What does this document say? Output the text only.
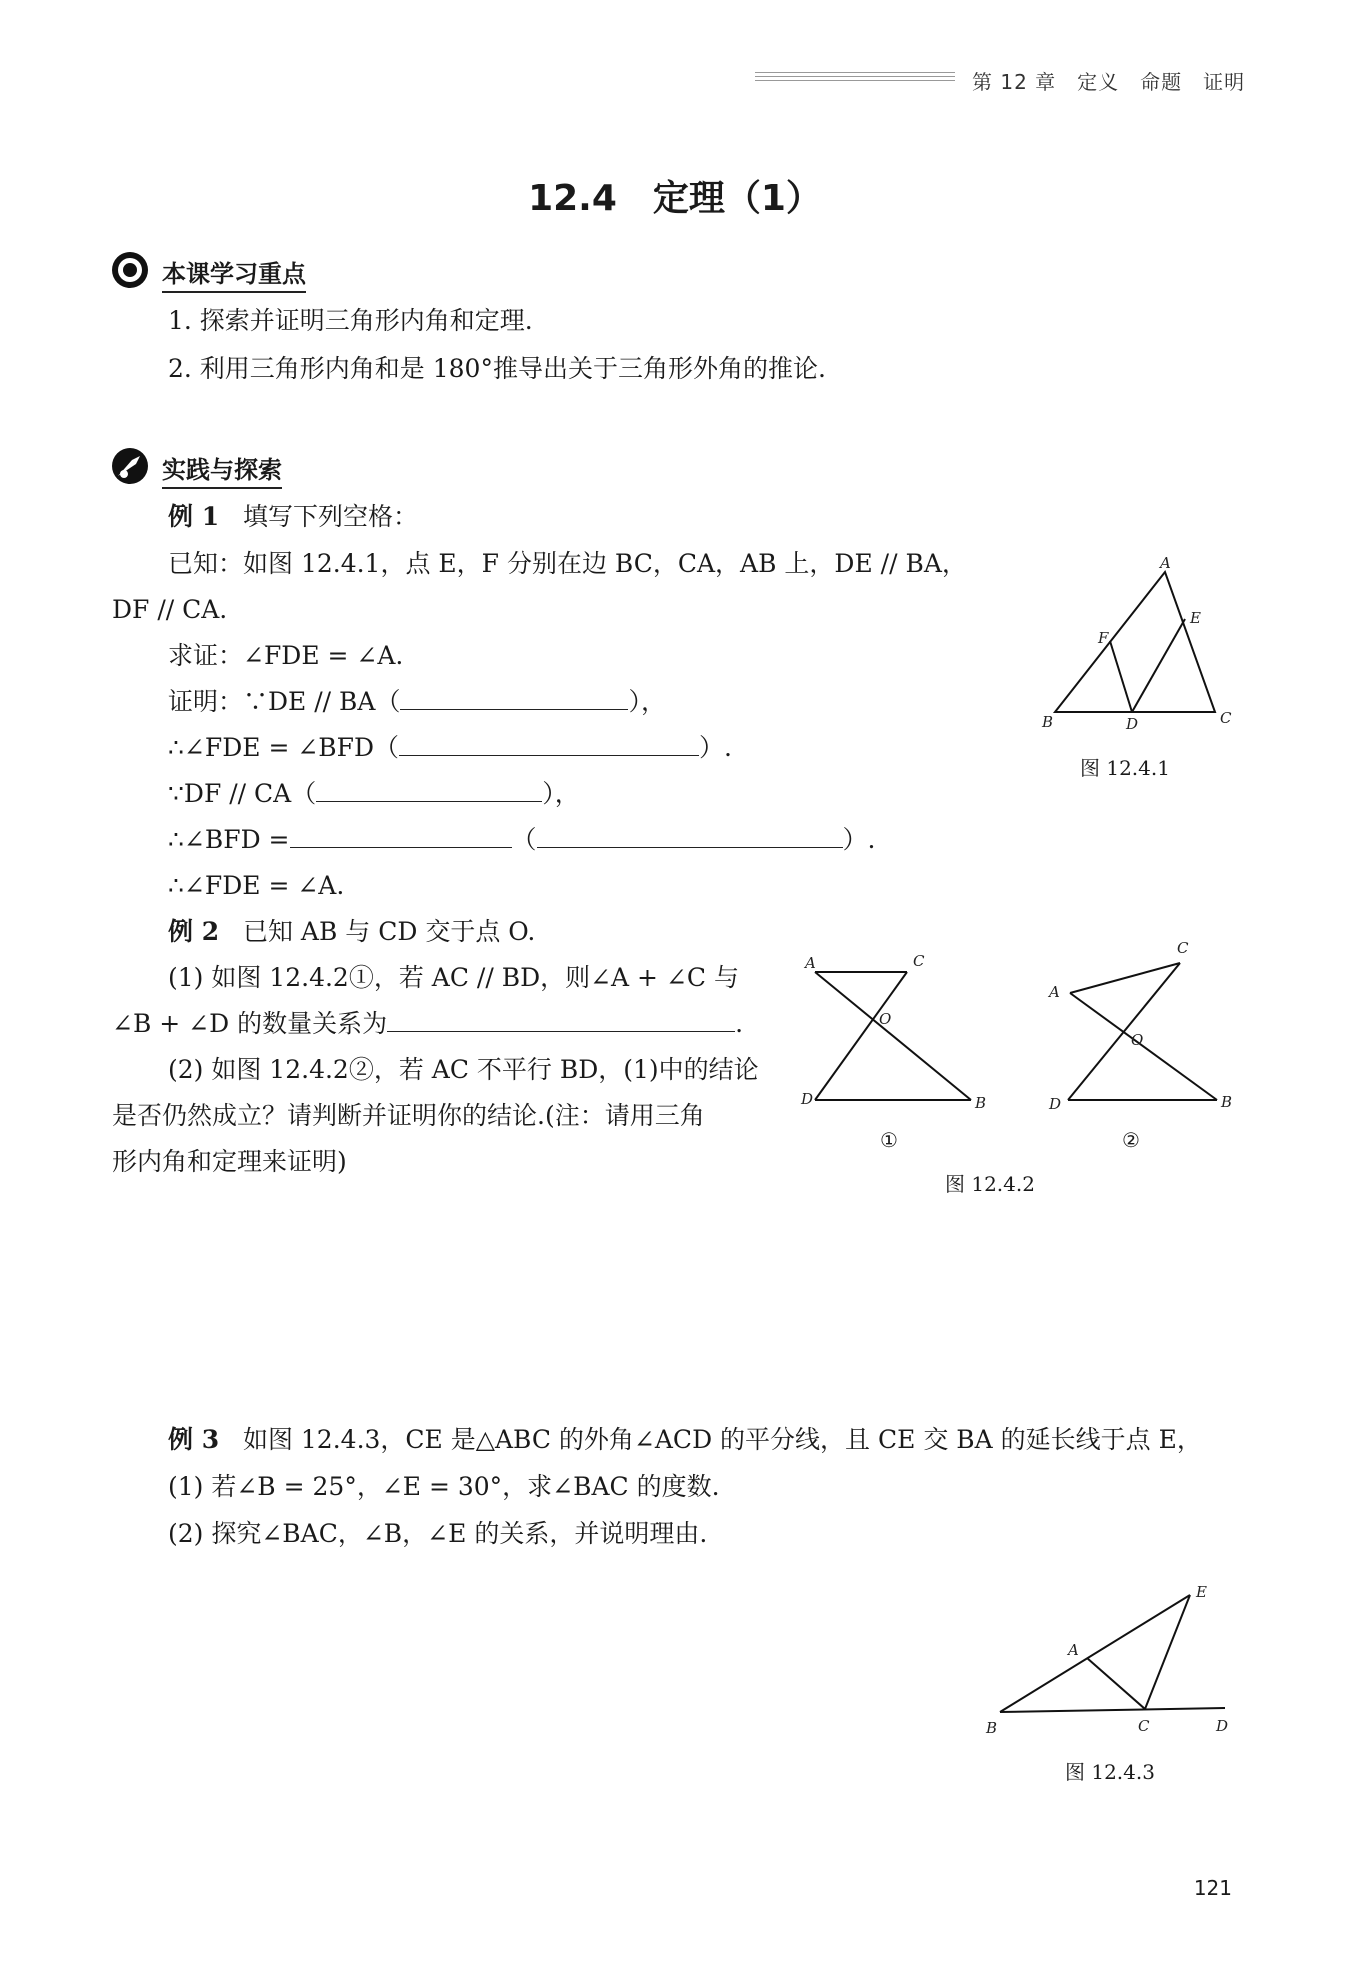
第 12 章　定义　命题　证明
12.4　定理（1）
本课学习重点
1. 探索并证明三角形内角和定理.
2. 利用三角形内角和是 180°推导出关于三角形外角的推论.
实践与探索
例 1 填写下列空格：
已知：如图 12.4.1，点 E，F 分别在边 BC，CA，AB 上，DE // BA，
DF // CA.
求证：∠FDE = ∠A.
证明：∵DE // BA（	），
∴∠FDE = ∠BFD（	）.
∵DF // CA（	），
∴∠BFD =	（	）.
∴∠FDE = ∠A.
A
E
F
B	D	C
图 12.4.1
例 2 已知 AB 与 CD 交于点 O.
(1) 如图 12.4.2①，若 AC // BD，则∠A + ∠C 与
∠B + ∠D 的数量关系为	.
(2) 如图 12.4.2②，若 AC 不平行 BD，(1)中的结论
是否仍然成立？请判断并证明你的结论.(注：请用三角
形内角和定理来证明)
A	C
O
D	B
①
A
C
O
D	B
②
图 12.4.2
例 3 如图 12.4.3，CE 是△ABC 的外角∠ACD 的平分线，且 CE 交 BA 的延长线于点 E，
(1) 若∠B = 25°，∠E = 30°，求∠BAC 的度数.
(2) 探究∠BAC，∠B，∠E 的关系，并说明理由.
E
A
B	C	D
图 12.4.3
121
